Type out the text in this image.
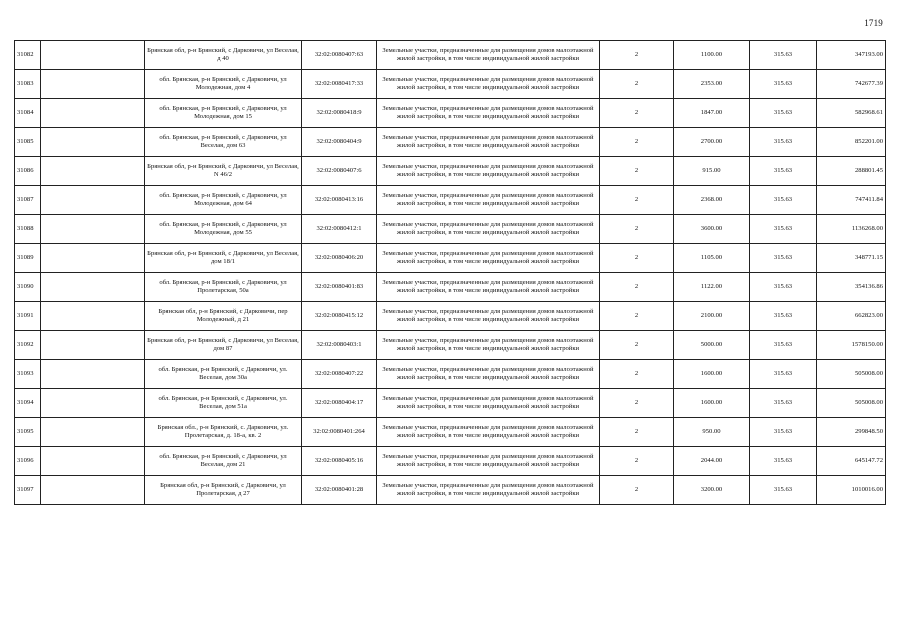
1719
31082		Брянская обл, р-н Брянский, с Дарковичи, ул Веселая, д 40	32:02:0080407:63	Земельные участки, предназначенные для размещения домов малоэтажной жилой застройки, в том числе индивидуальной жилой застройки	2	1100.00	315.63	347193.00
31083		обл. Брянская, р-н Брянский, с Дарковичи, ул Молодежная, дом 4	32:02:0080417:33	Земельные участки, предназначенные для размещения домов малоэтажной жилой застройки, в том числе индивидуальной жилой застройки	2	2353.00	315.63	742677.39
31084		обл. Брянская, р-н Брянский, с Дарковичи, ул Молодежная, дом 15	32:02:0080418:9	Земельные участки, предназначенные для размещения домов малоэтажной жилой застройки, в том числе индивидуальной жилой застройки	2	1847.00	315.63	582968.61
31085		обл. Брянская, р-н Брянский, с Дарковичи, ул Веселая, дом 63	32:02:0080404:9	Земельные участки, предназначенные для размещения домов малоэтажной жилой застройки, в том числе индивидуальной жилой застройки	2	2700.00	315.63	852201.00
31086		Брянская обл, р-н Брянский, с Дарковичи, ул Веселая, N 46/2	32:02:0080407:6	Земельные участки, предназначенные для размещения домов малоэтажной жилой застройки, в том числе индивидуальной жилой застройки	2	915.00	315.63	288801.45
31087		обл. Брянская, р-н Брянский, с Дарковичи, ул Молодежная, дом 64	32:02:0080413:16	Земельные участки, предназначенные для размещения домов малоэтажной жилой застройки, в том числе индивидуальной жилой застройки	2	2368.00	315.63	747411.84
31088		обл. Брянская, р-н Брянский, с Дарковичи, ул Молодежная, дом 55	32:02:0080412:1	Земельные участки, предназначенные для размещения домов малоэтажной жилой застройки, в том числе индивидуальной жилой застройки	2	3600.00	315.63	1136268.00
31089		Брянская обл, р-н Брянский, с Дарковичи, ул Веселая, дом 18/1	32:02:0080406:20	Земельные участки, предназначенные для размещения домов малоэтажной жилой застройки, в том числе индивидуальной жилой застройки	2	1105.00	315.63	348771.15
31090		обл. Брянская, р-н Брянский, с Дарковичи, ул Пролетарская, 50а	32:02:0080401:83	Земельные участки, предназначенные для размещения домов малоэтажной жилой застройки, в том числе индивидуальной жилой застройки	2	1122.00	315.63	354136.86
31091		Брянская обл, р-н Брянский, с Дарковичи, пер Молодежный, д 21	32:02:0080415:12	Земельные участки, предназначенные для размещения домов малоэтажной жилой застройки, в том числе индивидуальной жилой застройки	2	2100.00	315.63	662823.00
31092		Брянская обл, р-н Брянский, с Дарковичи, ул Веселая, дом 87	32:02:0080403:1	Земельные участки, предназначенные для размещения домов малоэтажной жилой застройки, в том числе индивидуальной жилой застройки	2	5000.00	315.63	1578150.00
31093		обл. Брянская, р-н Брянский, с Дарковичи, ул. Веселая, дом 30а	32:02:0080407:22	Земельные участки, предназначенные для размещения домов малоэтажной жилой застройки, в том числе индивидуальной жилой застройки	2	1600.00	315.63	505008.00
31094		обл. Брянская, р-н Брянский, с Дарковичи, ул. Веселая, дом 51а	32:02:0080404:17	Земельные участки, предназначенные для размещения домов малоэтажной жилой застройки, в том числе индивидуальной жилой застройки	2	1600.00	315.63	505008.00
31095		Брянская обл., р-н Брянский, с. Дарковичи, ул. Пролетарская, д. 18-а, кв. 2	32:02:0080401:264	Земельные участки, предназначенные для размещения домов малоэтажной жилой застройки, в том числе индивидуальной жилой застройки	2	950.00	315.63	299848.50
31096		обл. Брянская, р-н Брянский, с Дарковичи, ул Веселая, дом 21	32:02:0080405:16	Земельные участки, предназначенные для размещения домов малоэтажной жилой застройки, в том числе индивидуальной жилой застройки	2	2044.00	315.63	645147.72
31097		Брянская обл, р-н Брянский, с Дарковичи, ул Пролетарская, д 27	32:02:0080401:28	Земельные участки, предназначенные для размещения домов малоэтажной жилой застройки, в том числе индивидуальной жилой застройки	2	3200.00	315.63	1010016.00
